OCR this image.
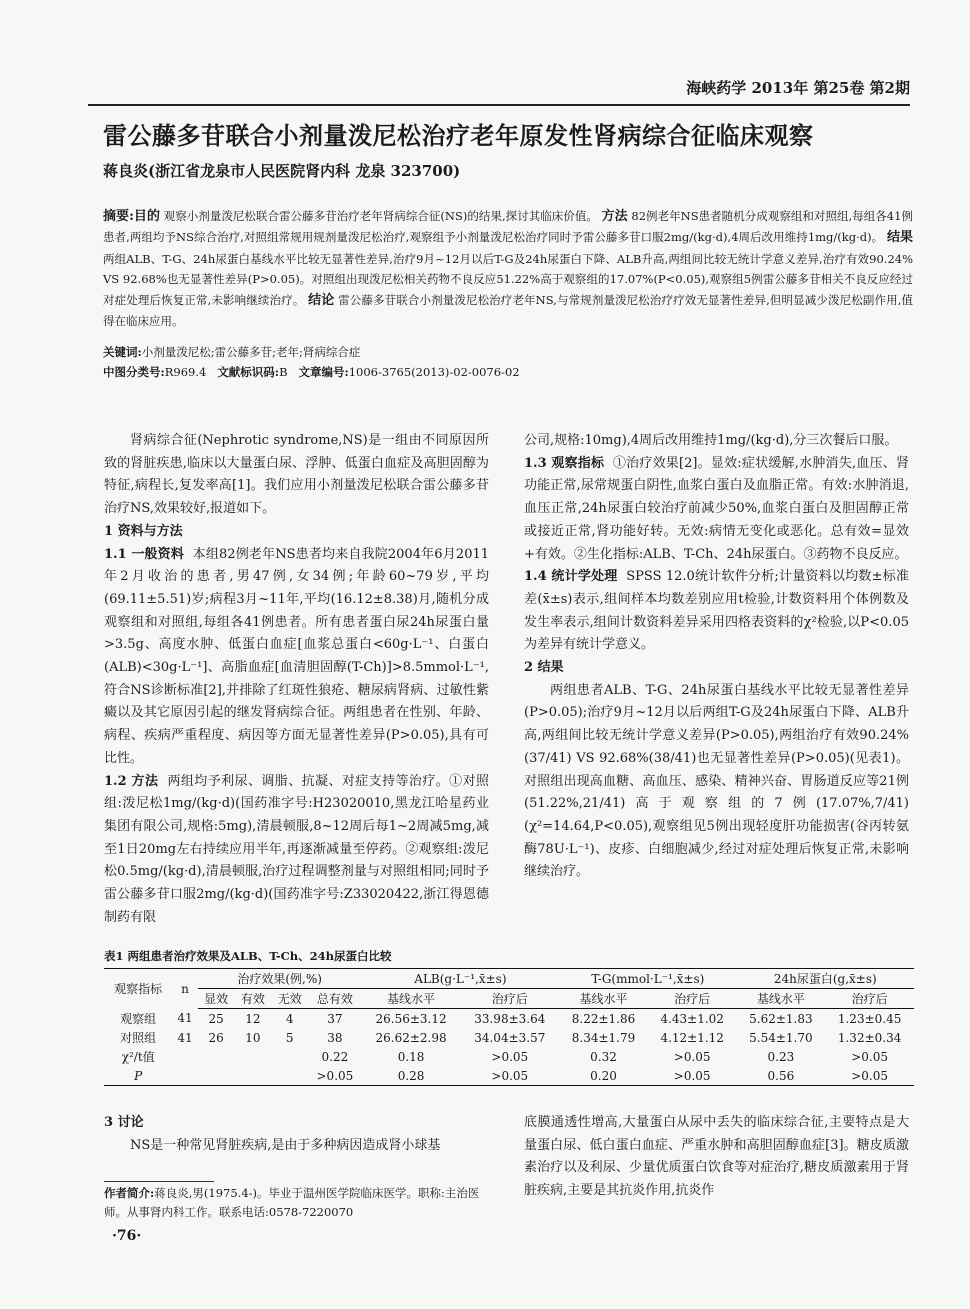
海峡药学 2013年 第25卷 第2期
雷公藤多苷联合小剂量泼尼松治疗老年原发性肾病综合征临床观察
蒋良炎(浙江省龙泉市人民医院肾内科 龙泉 323700)
摘要:目的 观察小剂量泼尼松联合雷公藤多苷治疗老年肾病综合征(NS)的结果,探讨其临床价值。 方法 82例老年NS患者随机分成观察组和对照组,每组各41例患者,两组均予NS综合治疗,对照组常规用规剂量泼尼松治疗,观察组予小剂量泼尼松治疗同时予雷公藤多苷口服2mg/(kg·d),4周后改用维持1mg/(kg·d)。 结果 两组ALB、T-G、24h尿蛋白基线水平比较无显著性差异,治疗9月~12月以后T-G及24h尿蛋白下降、ALB升高,两组间比较无统计学意义差异,治疗有效90.24% VS 92.68%也无显著性差异(P>0.05)。对照组出现泼尼松相关药物不良反应51.22%高于观察组的17.07%(P<0.05),观察组5例雷公藤多苷相关不良反应经过对症处理后恢复正常,未影响继续治疗。 结论 雷公藤多苷联合小剂量泼尼松治疗老年NS,与常规剂量泼尼松治疗疗效无显著性差异,但明显减少泼尼松副作用,值得在临床应用。
关键词:小剂量泼尼松;雷公藤多苷;老年;肾病综合症
中图分类号:R969.4 文献标识码:B 文章编号:1006-3765(2013)-02-0076-02

肾病综合征(Nephrotic syndrome,NS)是一组由不同原因所致的肾脏疾患,临床以大量蛋白尿、浮肿、低蛋白血症及高胆固醇为特征,病程长,复发率高[1]。我们应用小剂量泼尼松联合雷公藤多苷治疗NS,效果较好,报道如下。

1 资料与方法

1.1 一般资料 本组82例老年NS患者均来自我院2004年6月2011年2月收治的患者,男47例,女34例;年龄60~79岁,平均(69.11±5.51)岁;病程3月~11年,平均(16.12±8.38)月,随机分成观察组和对照组,每组各41例患者。所有患者蛋白尿24h尿蛋白量>3.5g、高度水肿、低蛋白血症[血浆总蛋白<60g·L⁻¹、白蛋白(ALB)<30g·L⁻¹]、高脂血症[血清胆固醇(T-Ch)]>8.5mmol·L⁻¹,符合NS诊断标准[2],并排除了红斑性狼疮、糖尿病肾病、过敏性紫癜以及其它原因引起的继发肾病综合征。两组患者在性别、年龄、病程、疾病严重程度、病因等方面无显著性差异(P>0.05),具有可比性。

1.2 方法 两组均予利尿、调脂、抗凝、对症支持等治疗。①对照组:泼尼松1mg/(kg·d)(国药准字号:H23020010,黑龙江哈星药业集团有限公司,规格:5mg),清晨顿服,8~12周后每1~2周减5mg,减至1日20mg左右持续应用半年,再逐渐减量至停药。②观察组:泼尼松0.5mg/(kg·d),清晨顿服,治疗过程调整剂量与对照组相同;同时予雷公藤多苷口服2mg/(kg·d)(国药准字号:Z33020422,浙江得恩德制药有限

公司,规格:10mg),4周后改用维持1mg/(kg·d),分三次餐后口服。

1.3 观察指标 ①治疗效果[2]。显效:症状缓解,水肿消失,血压、肾功能正常,尿常规蛋白阴性,血浆白蛋白及血脂正常。有效:水肿消退,血压正常,24h尿蛋白较治疗前减少50%,血浆白蛋白及胆固醇正常或接近正常,肾功能好转。无效:病情无变化或恶化。总有效=显效+有效。②生化指标:ALB、T-Ch、24h尿蛋白。③药物不良反应。

1.4 统计学处理 SPSS 12.0统计软件分析;计量资料以均数±标准差(x̄±s)表示,组间样本均数差别应用t检验,计数资料用个体例数及发生率表示,组间计数资料差异采用四格表资料的χ²检验,以P<0.05为差异有统计学意义。

2 结果

两组患者ALB、T-G、24h尿蛋白基线水平比较无显著性差异(P>0.05);治疗9月~12月以后两组T-G及24h尿蛋白下降、ALB升高,两组间比较无统计学意义差异(P>0.05),两组治疗有效90.24%(37/41) VS 92.68%(38/41)也无显著性差异(P>0.05)(见表1)。对照组出现高血糖、高血压、感染、精神兴奋、胃肠道反应等21例(51.22%,21/41)高于观察组的7例(17.07%,7/41)(χ²=14.64,P<0.05),观察组见5例出现轻度肝功能损害(谷丙转氨酶78U·L⁻¹)、皮疹、白细胞减少,经过对症处理后恢复正常,未影响继续治疗。

表1 两组患者治疗效果及ALB、T-Ch、24h尿蛋白比较
观察指标	n	治疗效果(例,%)				ALB(g·L⁻¹,x̄±s)		T-G(mmol·L⁻¹,x̄±s)		24h尿蛋白(g,x̄±s)	
		显效	有效	无效	总有效	基线水平	治疗后	基线水平	治疗后	基线水平	治疗后
观察组	41	25	12	4	37	26.56±3.12	33.98±3.64	8.22±1.86	4.43±1.02	5.62±1.83	1.23±0.45
对照组	41	26	10	5	38	26.62±2.98	34.04±3.57	8.34±1.79	4.12±1.12	5.54±1.70	1.32±0.34
χ²/t值					0.22	0.18	>0.05	0.32	>0.05	0.23	>0.05
P					>0.05	0.28	>0.05	0.20	>0.05	0.56	>0.05

3 讨论

NS是一种常见肾脏疾病,是由于多种病因造成肾小球基

底膜通透性增高,大量蛋白从尿中丢失的临床综合征,主要特点是大量蛋白尿、低白蛋白血症、严重水肿和高胆固醇血症[3]。糖皮质激素治疗以及利尿、少量优质蛋白饮食等对症治疗,糖皮质激素用于肾脏疾病,主要是其抗炎作用,抗炎作

作者简介:蒋良炎,男(1975.4-)。毕业于温州医学院临床医学。职称:主治医师。从事肾内科工作。联系电话:0578-7220070
·76·
